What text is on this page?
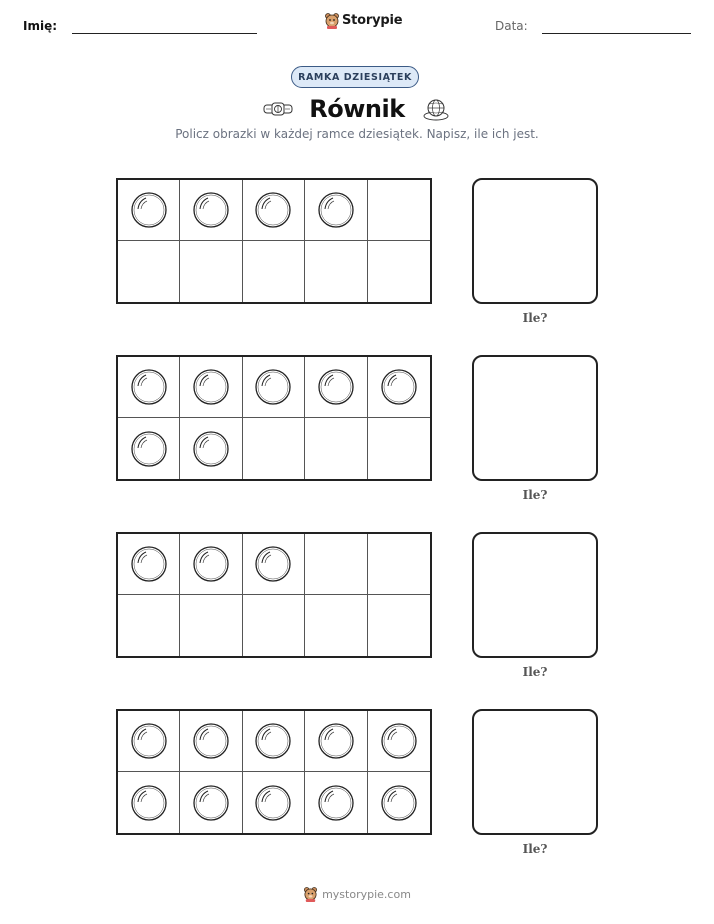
Imię:	Storypie	Data:
RAMKA DZIESIĄTEK
Równik
Policz obrazki w każdej ramce dziesiątek. Napisz, ile ich jest.
Ile?
Ile?
Ile?
Ile?
mystorypie.com
